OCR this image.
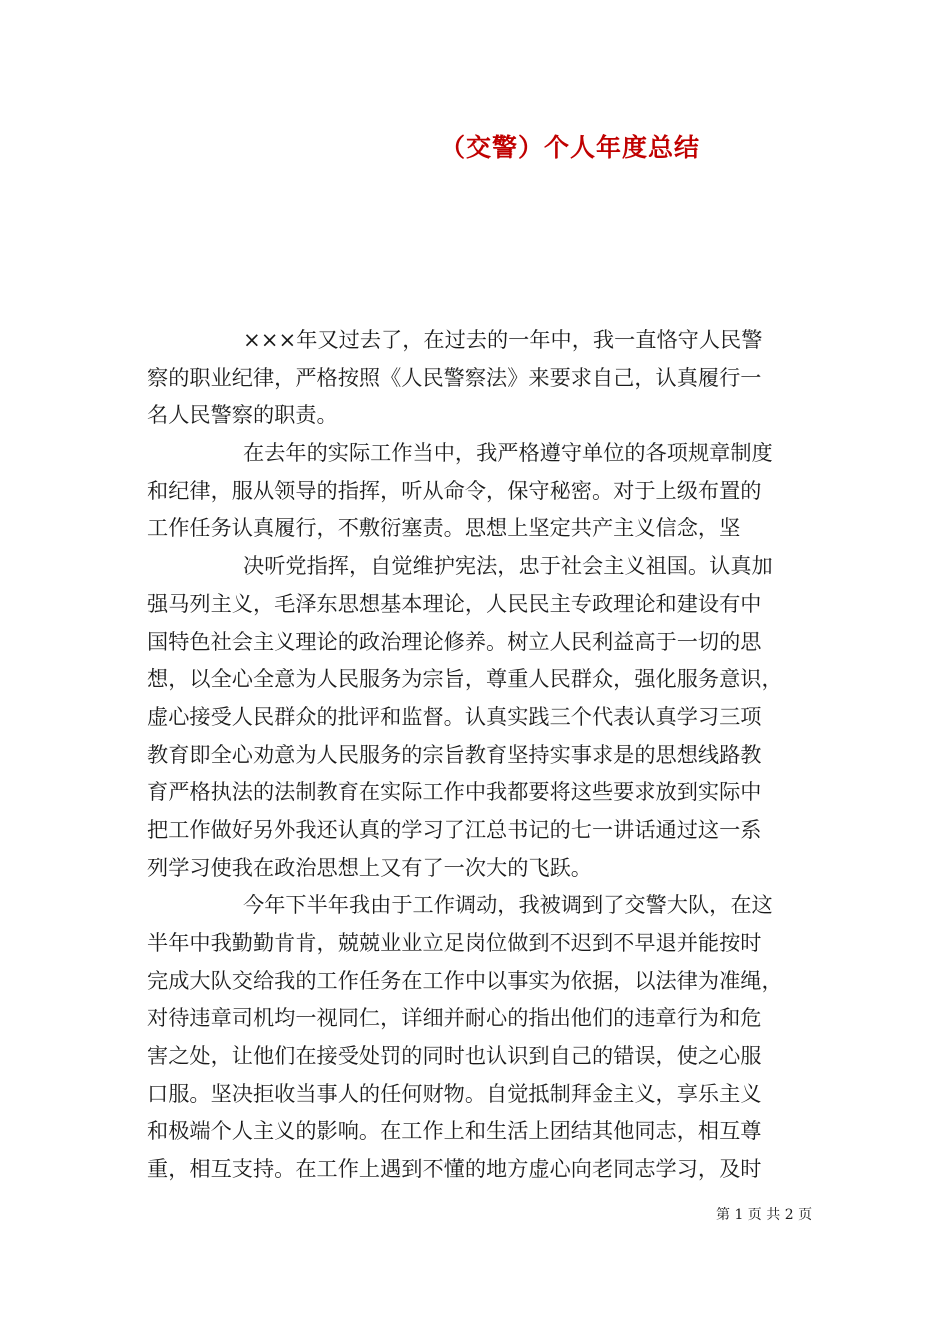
（交警）个人年度总结
×××年又过去了，在过去的一年中，我一直恪守人民警
察的职业纪律，严格按照《人民警察法》来要求自己，认真履行一
名人民警察的职责。
在去年的实际工作当中，我严格遵守单位的各项规章制度
和纪律，服从领导的指挥，听从命令，保守秘密。对于上级布置的
工作任务认真履行，不敷衍塞责。思想上坚定共产主义信念，坚
决听党指挥，自觉维护宪法，忠于社会主义祖国。认真加
强马列主义，毛泽东思想基本理论，人民民主专政理论和建设有中
国特色社会主义理论的政治理论修养。树立人民利益高于一切的思
想，以全心全意为人民服务为宗旨，尊重人民群众，强化服务意识，
虚心接受人民群众的批评和监督。认真实践三个代表认真学习三项
教育即全心劝意为人民服务的宗旨教育坚持实事求是的思想线路教
育严格执法的法制教育在实际工作中我都要将这些要求放到实际中
把工作做好另外我还认真的学习了江总书记的七一讲话通过这一系
列学习使我在政治思想上又有了一次大的飞跃。
今年下半年我由于工作调动，我被调到了交警大队，在这
半年中我勤勤肯肯，兢兢业业立足岗位做到不迟到不早退并能按时
完成大队交给我的工作任务在工作中以事实为依据，以法律为准绳，
对待违章司机均一视同仁，详细并耐心的指出他们的违章行为和危
害之处，让他们在接受处罚的同时也认识到自己的错误，使之心服
口服。坚决拒收当事人的任何财物。自觉抵制拜金主义，享乐主义
和极端个人主义的影响。在工作上和生活上团结其他同志，相互尊
重，相互支持。在工作上遇到不懂的地方虚心向老同志学习，及时
第 1 页 共 2 页
